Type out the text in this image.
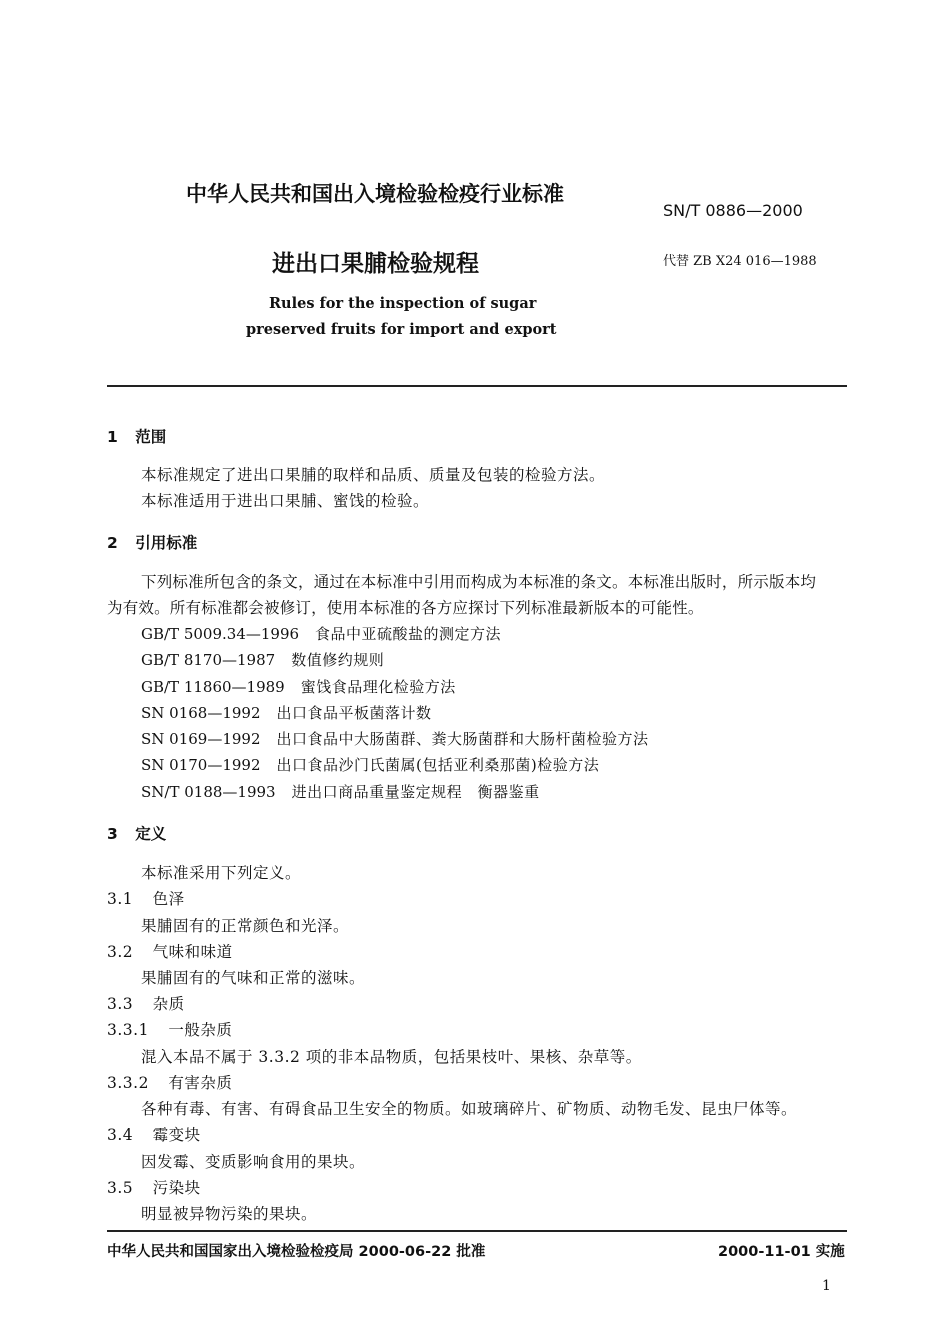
中华人民共和国出入境检验检疫行业标准
SN/T 0886—2000
进出口果脯检验规程	代替 ZB X24 016—1988
Rules for the inspection of sugar
preserved fruits for import and export
1 范围
本标准规定了进出口果脯的取样和品质、质量及包装的检验方法。
本标准适用于进出口果脯、蜜饯的检验。
2 引用标准
下列标准所包含的条文，通过在本标准中引用而构成为本标准的条文。本标准出版时，所示版本均
为有效。所有标准都会被修订，使用本标准的各方应探讨下列标准最新版本的可能性。
GB/T 5009.34—1996 食品中亚硫酸盐的测定方法
GB/T 8170—1987 数值修约规则
GB/T 11860—1989 蜜饯食品理化检验方法
SN 0168—1992 出口食品平板菌落计数
SN 0169—1992 出口食品中大肠菌群、粪大肠菌群和大肠杆菌检验方法
SN 0170—1992 出口食品沙门氏菌属(包括亚利桑那菌)检验方法
SN/T 0188—1993 进出口商品重量鉴定规程　衡器鉴重
3 定义
本标准采用下列定义。
3.1 色泽
果脯固有的正常颜色和光泽。
3.2 气味和味道
果脯固有的气味和正常的滋味。
3.3 杂质
3.3.1 一般杂质
混入本品不属于 3.3.2 项的非本品物质，包括果枝叶、果核、杂草等。
3.3.2 有害杂质
各种有毒、有害、有碍食品卫生安全的物质。如玻璃碎片、矿物质、动物毛发、昆虫尸体等。
3.4 霉变块
因发霉、变质影响食用的果块。
3.5 污染块
明显被异物污染的果块。
中华人民共和国国家出入境检验检疫局 2000-06-22 批准	2000-11-01 实施
1
